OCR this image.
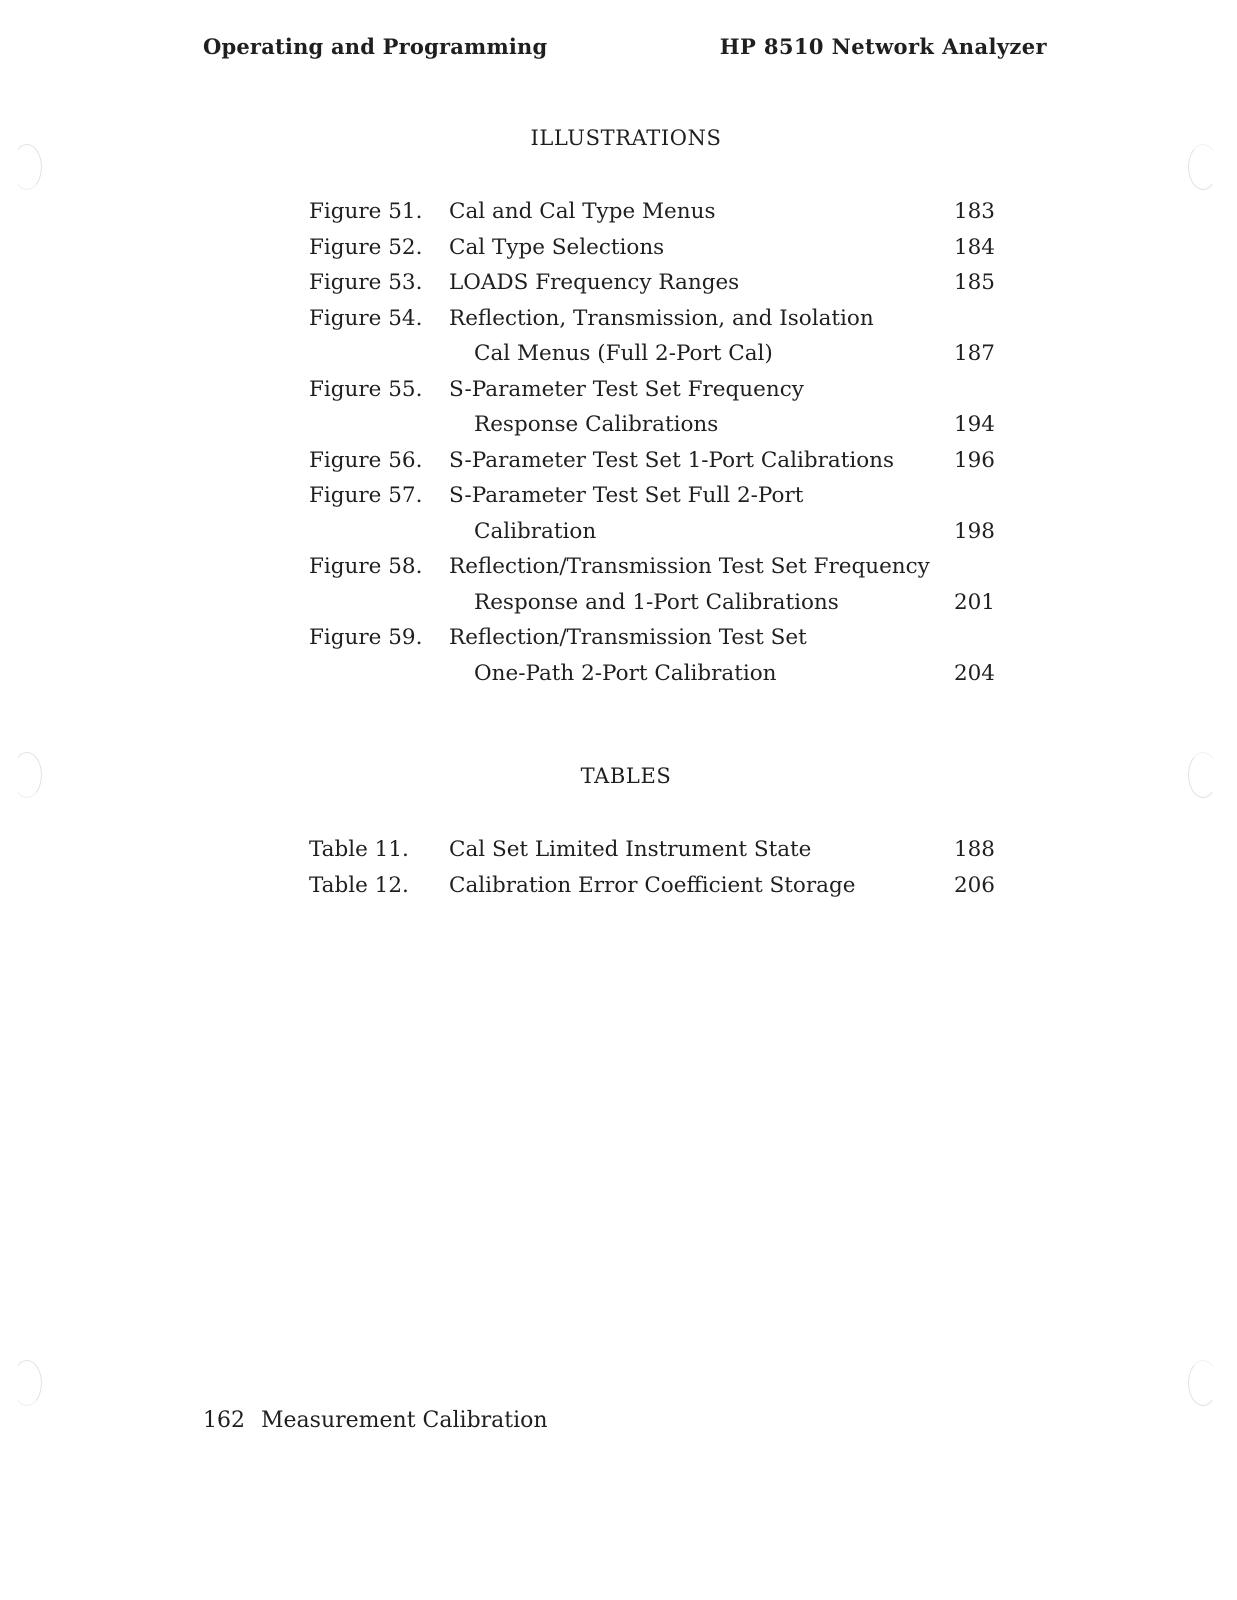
Operating and Programming	HP 8510 Network Analyzer
ILLUSTRATIONS
Figure 51. Cal and Cal Type Menus	183
Figure 52. Cal Type Selections	184
Figure 53. LOADS Frequency Ranges	185
Figure 54. Reflection, Transmission, and Isolation
Cal Menus (Full 2-Port Cal)	187
Figure 55. S-Parameter Test Set Frequency
Response Calibrations	194
Figure 56. S-Parameter Test Set 1-Port Calibrations	196
Figure 57. S-Parameter Test Set Full 2-Port
Calibration	198
Figure 58. Reflection/Transmission Test Set Frequency
Response and 1-Port Calibrations	201
Figure 59. Reflection/Transmission Test Set
One-Path 2-Port Calibration	204
TABLES
Table 11. Cal Set Limited Instrument State	188
Table 12. Calibration Error Coefficient Storage	206
162 Measurement Calibration
